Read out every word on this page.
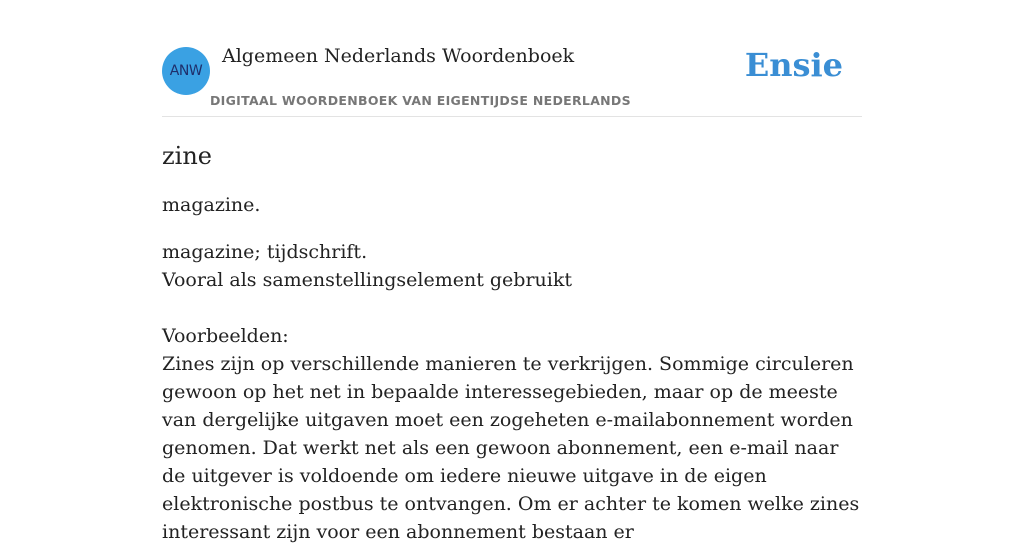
ANW
Algemeen Nederlands Woordenboek
DIGITAAL WOORDENBOEK VAN EIGENTIJDSE NEDERLANDS
Ensie
zine

magazine.

magazine; tijdschrift.
Vooral als samenstellingselement gebruikt
Voorbeelden:

Zines zijn op verschillende manieren te verkrijgen. Sommige circuleren gewoon op het net in bepaalde interessegebieden, maar op de meeste van dergelijke uitgaven moet een zogeheten e-mailabonnement worden genomen. Dat werkt net als een gewoon abonnement, een e-mail naar de uitgever is voldoende om iedere nieuwe uitgave in de eigen elektronische postbus te ontvangen. Om er achter te komen welke zines interessant zijn voor een abonnement bestaan er
